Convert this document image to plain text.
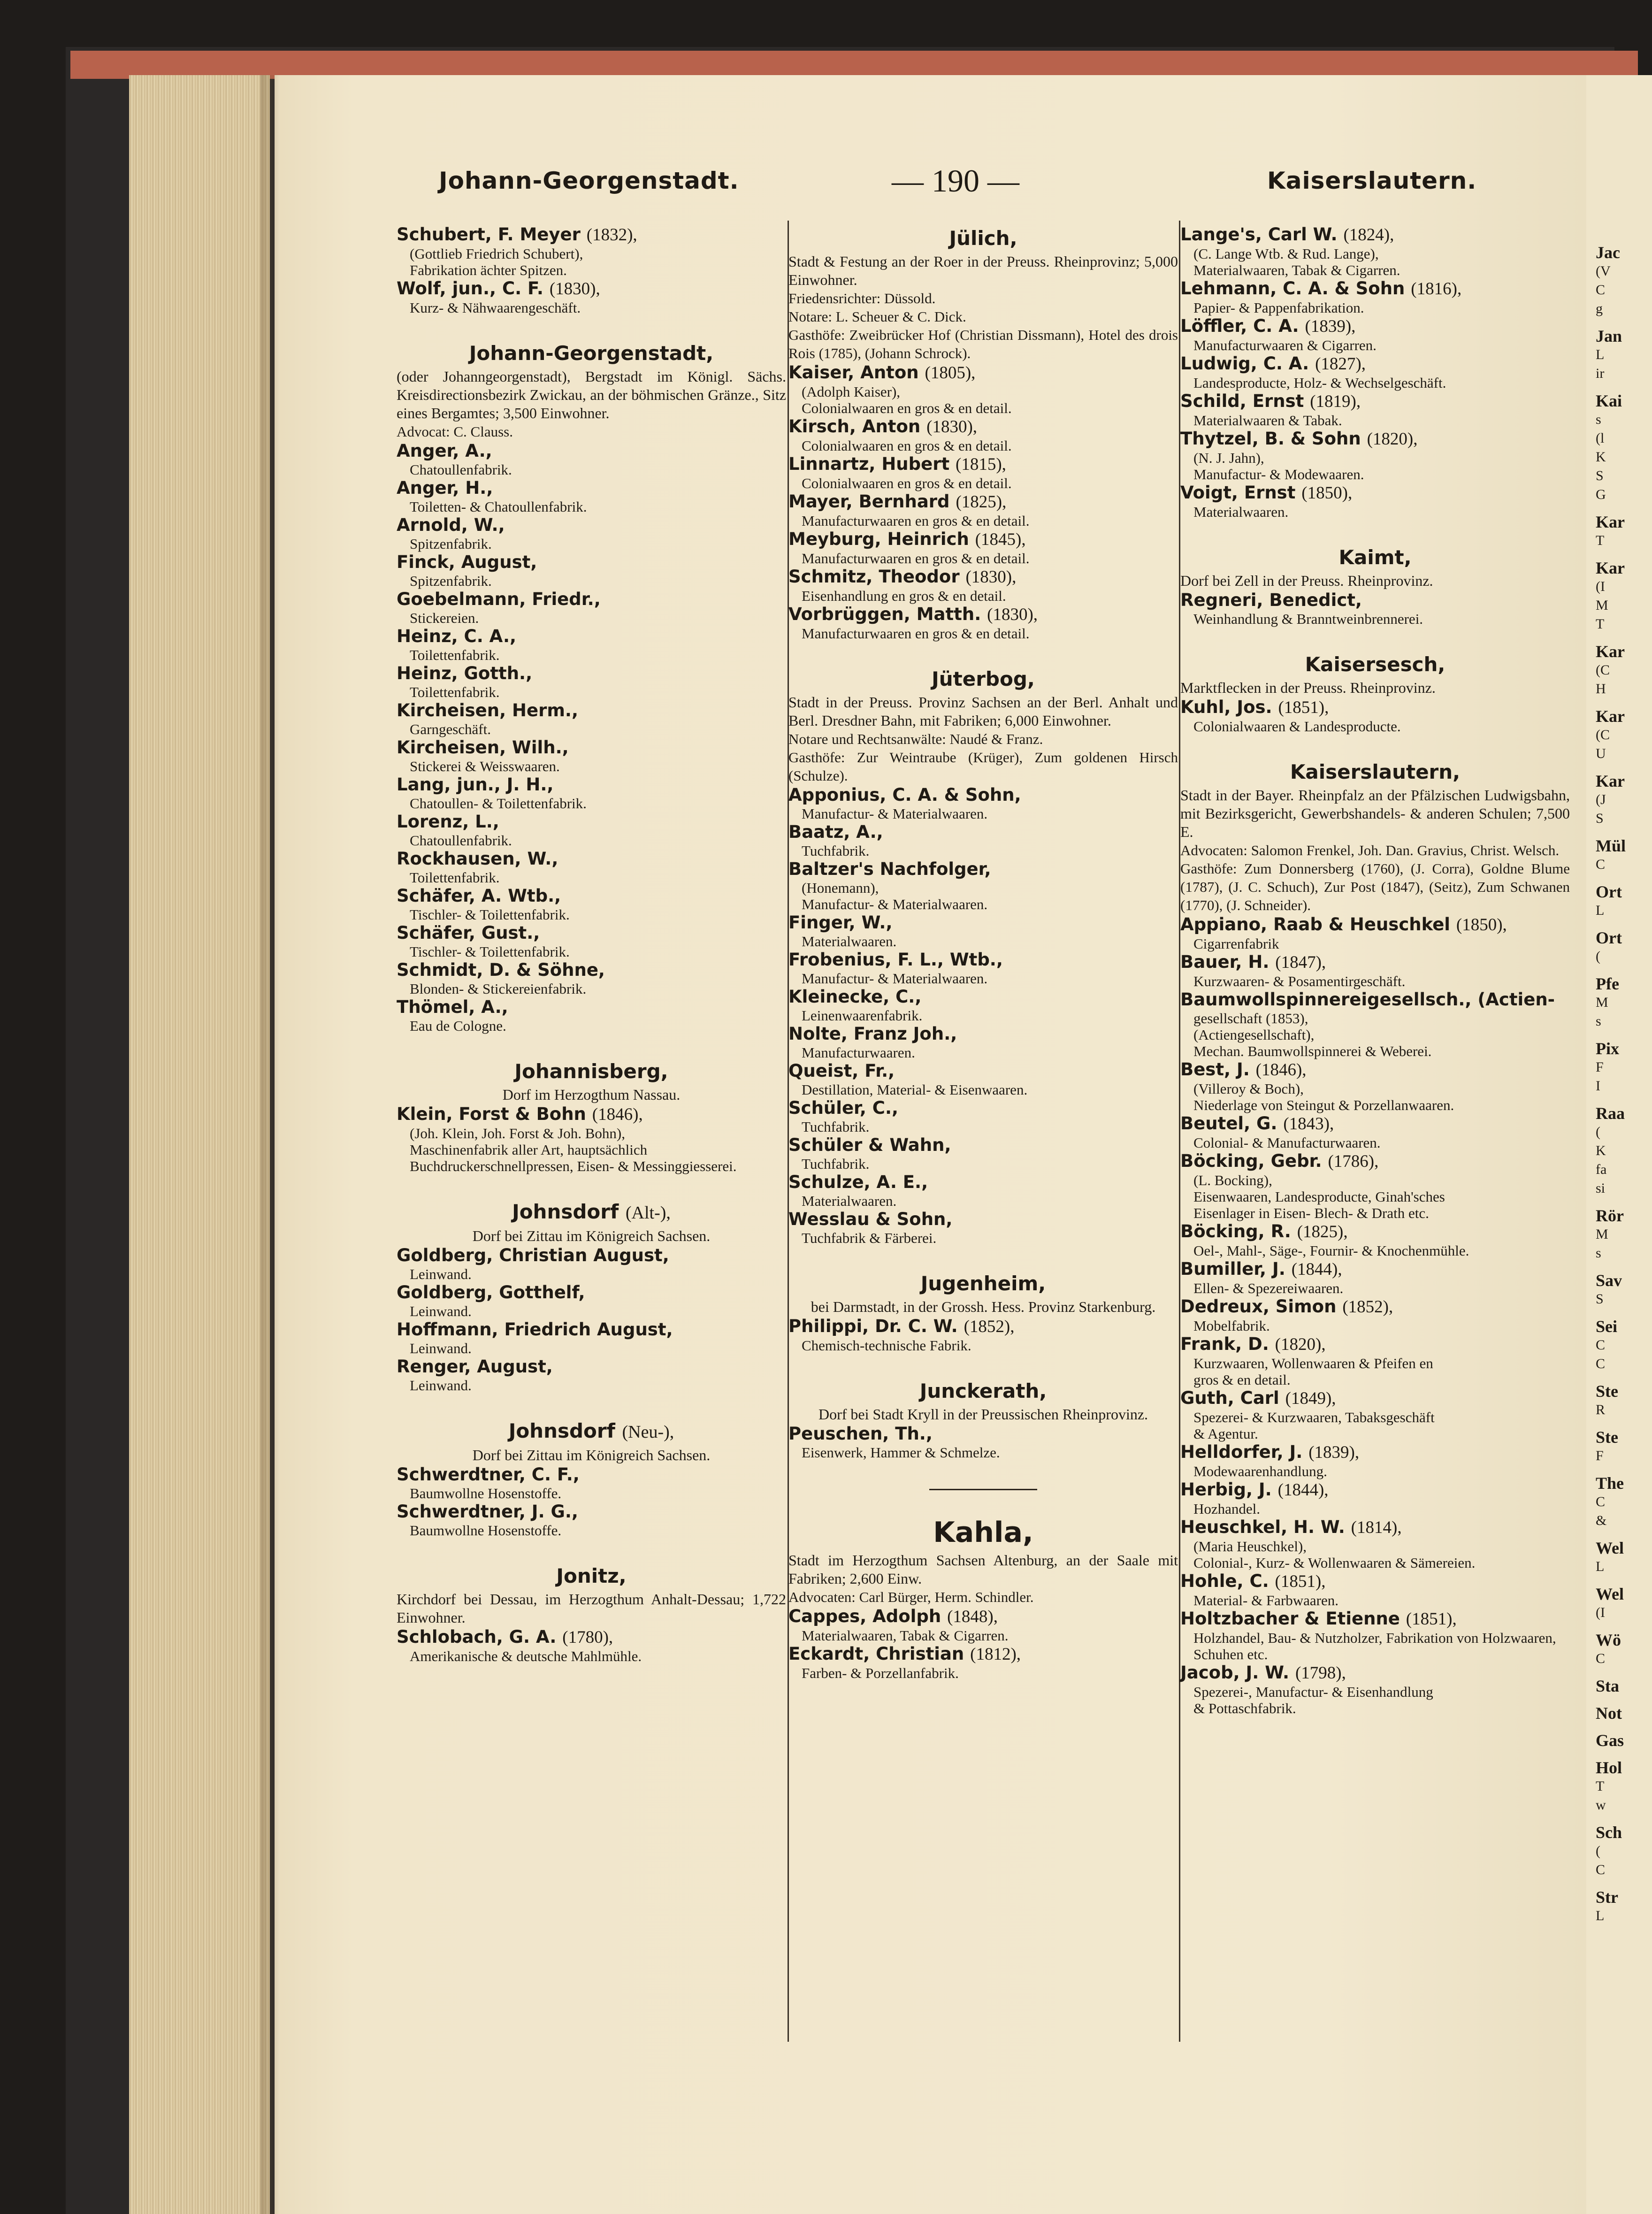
Johann-Georgenstadt.	— 190 —	Kaiserslautern.
Schubert, F. Meyer (1832),
(Gottlieb Friedrich Schubert),
Fabrikation ächter Spitzen.
Wolf, jun., C. F. (1830),
Kurz- & Nähwaarengeschäft.
Johann-Georgenstadt,
(oder Johanngeorgenstadt), Bergstadt im Königl. Sächs. Kreisdirectionsbezirk Zwickau, an der böhmischen Gränze., Sitz eines Bergamtes; 3,500 Einwohner.
Advocat: C. Clauss.
Anger, A.,
Chatoullenfabrik.
Anger, H.,
Toiletten- & Chatoullenfabrik.
Arnold, W.,
Spitzenfabrik.
Finck, August,
Spitzenfabrik.
Goebelmann, Friedr.,
Stickereien.
Heinz, C. A.,
Toilettenfabrik.
Heinz, Gotth.,
Toilettenfabrik.
Kircheisen, Herm.,
Garngeschäft.
Kircheisen, Wilh.,
Stickerei & Weisswaaren.
Lang, jun., J. H.,
Chatoullen- & Toilettenfabrik.
Lorenz, L.,
Chatoullenfabrik.
Rockhausen, W.,
Toilettenfabrik.
Schäfer, A. Wtb.,
Tischler- & Toilettenfabrik.
Schäfer, Gust.,
Tischler- & Toilettenfabrik.
Schmidt, D. & Söhne,
Blonden- & Stickereienfabrik.
Thömel, A.,
Eau de Cologne.
Johannisberg,
Dorf im Herzogthum Nassau.
Klein, Forst & Bohn (1846),
(Joh. Klein, Joh. Forst & Joh. Bohn),
Maschinenfabrik aller Art, hauptsächlich
Buchdruckerschnellpressen, Eisen- & Messinggiesserei.
Johnsdorf (Alt-),
Dorf bei Zittau im Königreich Sachsen.
Goldberg, Christian August,
Leinwand.
Goldberg, Gotthelf,
Leinwand.
Hoffmann, Friedrich August,
Leinwand.
Renger, August,
Leinwand.
Johnsdorf (Neu-),
Dorf bei Zittau im Königreich Sachsen.
Schwerdtner, C. F.,
Baumwollne Hosenstoffe.
Schwerdtner, J. G.,
Baumwollne Hosenstoffe.
Jonitz,
Kirchdorf bei Dessau, im Herzogthum Anhalt-Dessau; 1,722 Einwohner.
Schlobach, G. A. (1780),
Amerikanische & deutsche Mahlmühle.
Jülich,
Stadt & Festung an der Roer in der Preuss. Rheinprovinz; 5,000 Einwohner.
Friedensrichter: Düssold.
Notare: L. Scheuer & C. Dick.
Gasthöfe: Zweibrücker Hof (Christian Dissmann), Hotel des drois Rois (1785), (Johann Schrock).
Kaiser, Anton (1805),
(Adolph Kaiser),
Colonialwaaren en gros & en detail.
Kirsch, Anton (1830),
Colonialwaaren en gros & en detail.
Linnartz, Hubert (1815),
Colonialwaaren en gros & en detail.
Mayer, Bernhard (1825),
Manufacturwaaren en gros & en detail.
Meyburg, Heinrich (1845),
Manufacturwaaren en gros & en detail.
Schmitz, Theodor (1830),
Eisenhandlung en gros & en detail.
Vorbrüggen, Matth. (1830),
Manufacturwaaren en gros & en detail.
Jüterbog,
Stadt in der Preuss. Provinz Sachsen an der Berl. Anhalt und Berl. Dresdner Bahn, mit Fabriken; 6,000 Einwohner.
Notare und Rechtsanwälte: Naudé & Franz.
Gasthöfe: Zur Weintraube (Krüger), Zum goldenen Hirsch (Schulze).
Apponius, C. A. & Sohn,
Manufactur- & Materialwaaren.
Baatz, A.,
Tuchfabrik.
Baltzer's Nachfolger,
(Honemann),
Manufactur- & Materialwaaren.
Finger, W.,
Materialwaaren.
Frobenius, F. L., Wtb.,
Manufactur- & Materialwaaren.
Kleinecke, C.,
Leinenwaarenfabrik.
Nolte, Franz Joh.,
Manufacturwaaren.
Queist, Fr.,
Destillation, Material- & Eisenwaaren.
Schüler, C.,
Tuchfabrik.
Schüler & Wahn,
Tuchfabrik.
Schulze, A. E.,
Materialwaaren.
Wesslau & Sohn,
Tuchfabrik & Färberei.
Jugenheim,
bei Darmstadt, in der Grossh. Hess. Provinz Starkenburg.
Philippi, Dr. C. W. (1852),
Chemisch-technische Fabrik.
Junckerath,
Dorf bei Stadt Kryll in der Preussischen Rheinprovinz.
Peuschen, Th.,
Eisenwerk, Hammer & Schmelze.
Kahla,
Stadt im Herzogthum Sachsen Altenburg, an der Saale mit Fabriken; 2,600 Einw.
Advocaten: Carl Bürger, Herm. Schindler.
Cappes, Adolph (1848),
Materialwaaren, Tabak & Cigarren.
Eckardt, Christian (1812),
Farben- & Porzellanfabrik.
Lange's, Carl W. (1824),
(C. Lange Wtb. & Rud. Lange),
Materialwaaren, Tabak & Cigarren.
Lehmann, C. A. & Sohn (1816),
Papier- & Pappenfabrikation.
Löffler, C. A. (1839),
Manufacturwaaren & Cigarren.
Ludwig, C. A. (1827),
Landesproducte, Holz- & Wechselgeschäft.
Schild, Ernst (1819),
Materialwaaren & Tabak.
Thytzel, B. & Sohn (1820),
(N. J. Jahn),
Manufactur- & Modewaaren.
Voigt, Ernst (1850),
Materialwaaren.
Kaimt,
Dorf bei Zell in der Preuss. Rheinprovinz.
Regneri, Benedict,
Weinhandlung & Branntweinbrennerei.
Kaisersesch,
Marktflecken in der Preuss. Rheinprovinz.
Kuhl, Jos. (1851),
Colonialwaaren & Landesproducte.
Kaiserslautern,
Stadt in der Bayer. Rheinpfalz an der Pfälzischen Ludwigsbahn, mit Bezirksgericht, Gewerbshandels- & anderen Schulen; 7,500 E.
Advocaten: Salomon Frenkel, Joh. Dan. Gravius, Christ. Welsch.
Gasthöfe: Zum Donnersberg (1760), (J. Corra), Goldne Blume (1787), (J. C. Schuch), Zur Post (1847), (Seitz), Zum Schwanen (1770), (J. Schneider).
Appiano, Raab & Heuschkel (1850),
Cigarrenfabrik
Bauer, H. (1847),
Kurzwaaren- & Posamentirgeschäft.
Baumwollspinnereigesellsch., (Actien-
gesellschaft (1853),
(Actiengesellschaft),
Mechan. Baumwollspinnerei & Weberei.
Best, J. (1846),
(Villeroy & Boch),
Niederlage von Steingut & Porzellanwaaren.
Beutel, G. (1843),
Colonial- & Manufacturwaaren.
Böcking, Gebr. (1786),
(L. Bocking),
Eisenwaaren, Landesproducte, Ginah'sches
Eisenlager in Eisen- Blech- & Drath etc.
Böcking, R. (1825),
Oel-, Mahl-, Säge-, Fournir- & Knochenmühle.
Bumiller, J. (1844),
Ellen- & Spezereiwaaren.
Dedreux, Simon (1852),
Mobelfabrik.
Frank, D. (1820),
Kurzwaaren, Wollenwaaren & Pfeifen en
gros & en detail.
Guth, Carl (1849),
Spezerei- & Kurzwaaren, Tabaksgeschäft
& Agentur.
Helldorfer, J. (1839),
Modewaarenhandlung.
Herbig, J. (1844),
Hozhandel.
Heuschkel, H. W. (1814),
(Maria Heuschkel),
Colonial-, Kurz- & Wollenwaaren & Sämereien.
Hohle, C. (1851),
Material- & Farbwaaren.
Holtzbacher & Etienne (1851),
Holzhandel, Bau- & Nutzholzer, Fabrikation von Holzwaaren, Schuhen etc.
Jacob, J. W. (1798),
Spezerei-, Manufactur- & Eisenhandlung
& Pottaschfabrik.
Jac
(V
C
g
Jan
L
ir
Kai
s
(l
K
S
G
Kar
T
Kar
(I
M
T
Kar
(C
H
Kar
(C
U
Kar
(J
S
Mül
C
Ort
L
Ort
(
Pfe
M
s
Pix
F
I
Raa
(
K
fa
si
Rör
M
s
Sav
S
Sei
C
C
Ste
R
Ste
F
The
C
&
Wel
L
Wel
(I
Wö
C
Sta
Not
Gas
Hol
T
w
Sch
(
C
Str
L
